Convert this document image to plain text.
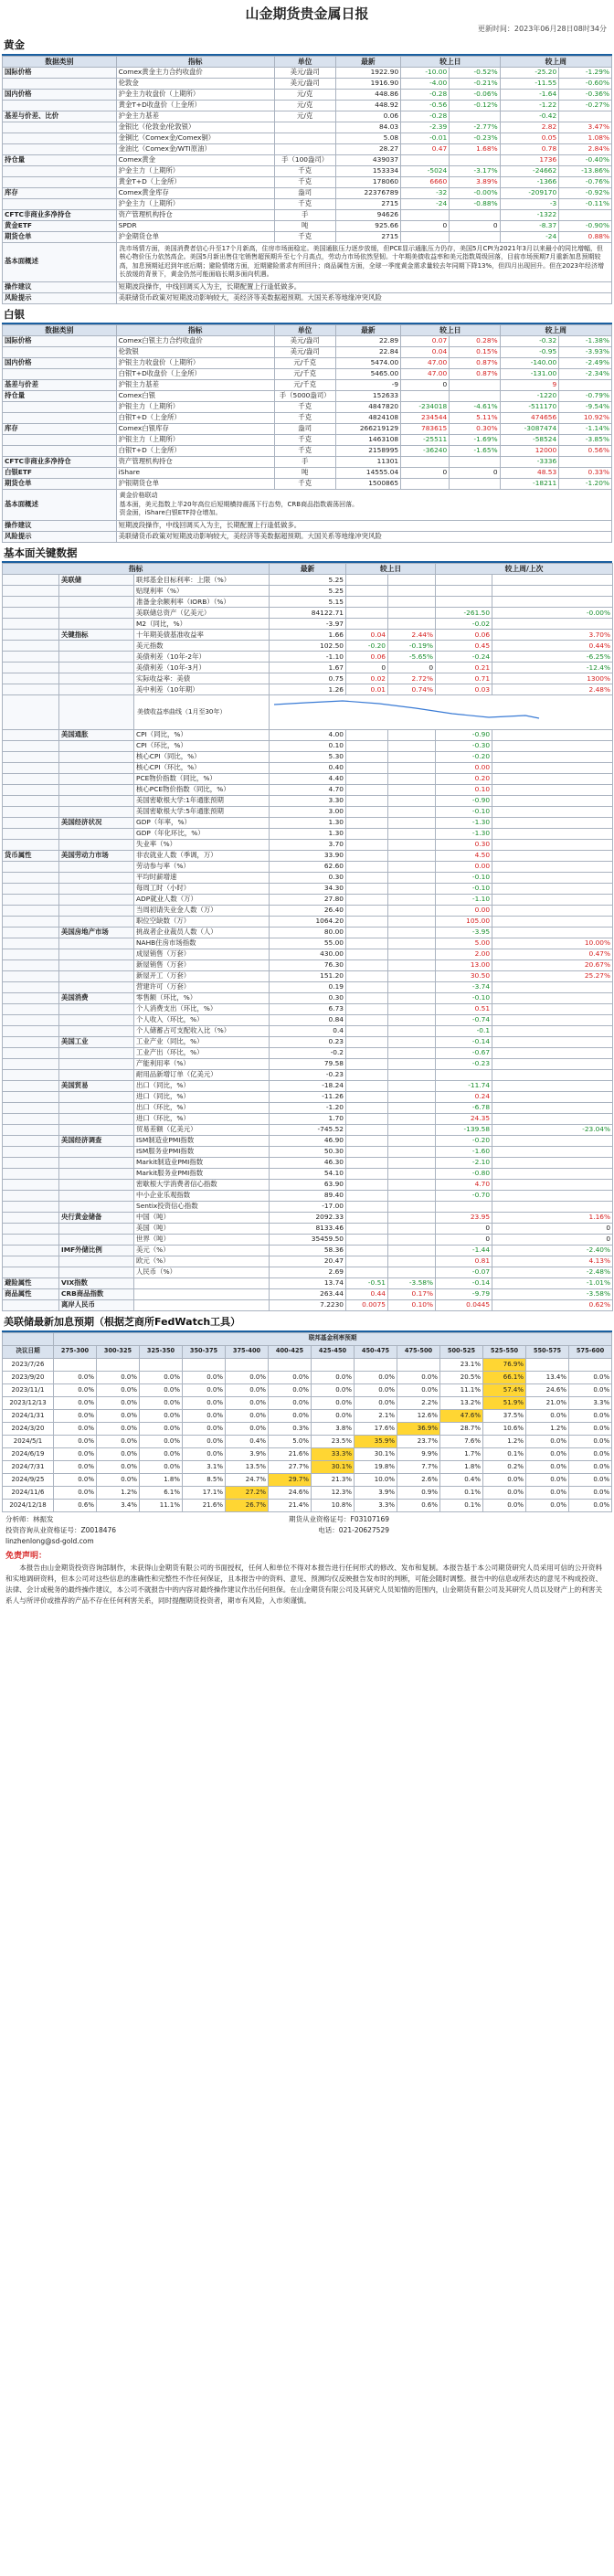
山金期货贵金属日报
更新时间：2023年06月28日08时34分
黄金
数据类别	指标	单位	最新	较上日		较上周	
国际价格	Comex黄金主力合约收盘价	美元/盎司	1922.90	-10.00	-0.52%	-25.20	-1.29%
	伦敦金	美元/盎司	1916.90	-4.00	-0.21%	-11.55	-0.60%
国内价格	沪金主力收盘价（上期所）	元/克	448.86	-0.28	-0.06%	-1.64	-0.36%
	黄金T+D收盘价（上金所）	元/克	448.92	-0.56	-0.12%	-1.22	-0.27%
基差与价差、比价	沪金主力基差	元/克	0.06	-0.28		-0.42	
	金银比（伦敦金/伦敦银）		84.03	-2.39	-2.77%	2.82	3.47%
	金铜比（Comex金/Comex铜）		5.08	-0.01	-0.23%	0.05	1.08%
	金油比（Comex金/WTI原油）		28.27	0.47	1.68%	0.78	2.84%
持仓量	Comex黄金	手（100盎司）	439037			1736	-0.40%
	沪金主力（上期所）	千克	153334	-5024	-3.17%	-24662	-13.86%
	黄金T+D（上金所）	千克	178060	6660	3.89%	-1366	-0.76%
库存	Comex黄金库存	盎司	22376789	-32	-0.00%	-209170	-0.92%
	沪金主力（上期所）	千克	2715	-24	-0.88%	-3	-0.11%
CFTC非商业多净持仓	资产管理机构持仓	手	94626			-1322	
黄金ETF	SPDR	吨	925.66	0	0	-8.37	-0.90%
期货仓单	沪金期货仓单	千克	2715			-24	0.88%
基本面概述	洗市场情方面，美国消费者信心升至17个月新高，住房市场面稳定。美国通胀压力逐步放缓，但PCE显示通胀压力仍存，美国5月CPI为2021年3月以来最小的同比增幅，但核心物价压力依然高企。美国5月新出售住宅销售超预期升至七个月高点，劳动力市场依然坚韧。十年期美债收益率和美元指数周级回落，目前市场预期7月重新加息预期较高，加息预期延迟到年底后期；避险情绪方面，近期避险需求有所回升；商品属性方面，全球一季度黄金需求量较去年同期下降13%，但四月出现回升。但在2023年经济增长放缓的背景下，黄金仍然可能面临长期多面向机遇。						
操作建议	短期波段操作，中线回调买入为主，长期配置上行逢低做多。						
风险提示	美联储货币政策对短期波动影响较大，美经济等美数据超预期。大国关系等地缘冲突风险						
白银
数据类别	指标	单位	最新	较上日		较上周	
国际价格	Comex白银主力合约收盘价	美元/盎司	22.89	0.07	0.28%	-0.32	-1.38%
	伦敦银	美元/盎司	22.84	0.04	0.15%	-0.95	-3.93%
国内价格	沪银主力收盘价（上期所）	元/千克	5474.00	47.00	0.87%	-140.00	-2.49%
	白银T+D收盘价（上金所）	元/千克	5465.00	47.00	0.87%	-131.00	-2.34%
基差与价差	沪银主力基差	元/千克	-9	0		9	
持仓量	Comex白银	手（5000盎司）	152633			-1220	-0.79%
	沪银主力（上期所）	千克	4847820	-234018	-4.61%	-511170	-9.54%
	白银T+D（上金所）	千克	4824108	234544	5.11%	474656	10.92%
库存	Comex白银库存	盎司	266219129	783615	0.30%	-3087474	-1.14%
	沪银主力（上期所）	千克	1463108	-25511	-1.69%	-58524	-3.85%
	白银T+D（上金所）	千克	2158995	-36240	-1.65%	12000	0.56%
CFTC非商业多净持仓	资产管理机构持仓	手	11301			-3336	
白银ETF	iShare	吨	14555.04	0	0	48.53	0.33%
期货仓单	沪银期货仓单	千克	1500865			-18211	-1.20%
基本面概述	黄金价格联动
基本面，美元指数上半20年高位后短期横持震荡下行态势，CRB商品指数震荡回落。
资金面，iShare白银ETF持仓增加。						

操作建议	短期波段操作，中线回调买入为主，长期配置上行逢低做多。						
风险提示	美联储货币政策对短期波动影响较大，美经济等美数据超预期。大国关系等地缘冲突风险						
基本面关键数据
指标			最新	较上日		较上周/上次	
	美联储	联邦基金目标利率：上限（%）	5.25				
		贴现利率（%）	5.25				
		准备金余额利率（IORB）（%）	5.15				
		美联储总资产（亿美元）	84122.71			-261.50	-0.00%
		M2（同比，%）	-3.97			-0.02	
	关键指标	十年期美债基准收益率	1.66	0.04	2.44%	0.06	3.70%
		美元指数	102.50	-0.20	-0.19%	0.45	0.44%
		美债利差（10年-2年）	-1.10	0.06	-5.65%	-0.24	-6.25%
		美债利差（10年-3月）	1.67	0	0	0.21	-12.4%
		实际收益率：美债	0.75	0.02	2.72%	0.71	1300%
		美中利差（10年期）	1.26	0.01	0.74%	0.03	2.48%
		美债收益率曲线（1月至30年）	
	美国通胀	CPI（同比，%）	4.00			-0.90	
		CPI（环比，%）	0.10			-0.30	
		核心CPI（同比，%）	5.30			-0.20	
		核心CPI（环比，%）	0.40			0.00	
		PCE物价指数（同比，%）	4.40			0.20	
		核心PCE物价指数（同比，%）	4.70			0.10	
		美国密歇根大学:1年通胀预期	3.30			-0.90	
		美国密歇根大学:5年通胀预期	3.00			-0.10	
	美国经济状况	GDP（年率，%）	1.30			-1.30	
		GDP（年化环比，%）	1.30			-1.30	
		失业率（%）	3.70			0.30	
货币属性	美国劳动力市场	非农就业人数（季调，万）	33.90			4.50	
		劳动参与率（%）	62.60			0.00	
		平均时薪增速	0.30			-0.10	
		每周工时（小时）	34.30			-0.10	
		ADP就业人数（万）	27.80			-1.10	
		当周初请失业金人数（万）	26.40			0.00	
		职位空缺数（万）	1064.20			105.00	
	美国房地产市场	挑战者企业裁员人数（人）	80.00			-3.95	
		NAHB住房市场指数	55.00			5.00	10.00%
		成屋销售（万套）	430.00			2.00	0.47%
		新屋销售（万套）	76.30			13.00	20.67%
		新屋开工（万套）	151.20			30.50	25.27%
		营建许可（万套）	0.19			-3.74	
	美国消费	零售额（环比，%）	0.30			-0.10	
		个人消费支出（环比，%）	6.73			0.51	
		个人收入（环比，%）	0.84			-0.74	
		个人储蓄占可支配收入比（%）	0.4			-0.1	
	美国工业	工业产业（同比，%）	0.23			-0.14	
		工业产出（环比，%）	-0.2			-0.67	
		产能利用率（%）	79.58			-0.23	
		耐用品新增订单（亿美元）	-0.23				
	美国贸易	出口（同比，%）	-18.24			-11.74	
		进口（同比，%）	-11.26			0.24	
		出口（环比，%）	-1.20			-6.78	
		进口（环比，%）	1.70			24.35	
		贸易差额（亿美元）	-745.52			-139.58	-23.04%
	美国经济调查	ISM制造业PMI指数	46.90			-0.20	
		ISM服务业PMI指数	50.30			-1.60	
		Markit制造业PMI指数	46.30			-2.10	
		Markit服务业PMI指数	54.10			-0.80	
		密歇根大学消费者信心指数	63.90			4.70	
		中小企业乐观指数	89.40			-0.70	
		Sentix投资信心指数	-17.00				
	央行黄金储备	中国（吨）	2092.33			23.95	1.16%
		美国（吨）	8133.46			0	0
		世界（吨）	35459.50			0	0
	IMF外储比例	美元（%）	58.36			-1.44	-2.40%
		欧元（%）	20.47			0.81	4.13%
		人民币（%）	2.69			-0.07	-2.48%
避险属性	VIX指数		13.74	-0.51	-3.58%	-0.14	-1.01%
商品属性	CRB商品指数		263.44	0.44	0.17%	-9.79	-3.58%
	离岸人民币		7.2230	0.0075	0.10%	0.0445	0.62%
美联储最新加息预期（根据芝商所FedWatch工具）
	联邦基金利率预期												
决议日期	275-300	300-325	325-350	350-375	375-400	400-425	425-450	450-475	475-500	500-525	525-550	550-575	575-600
2023/7/26										23.1%	76.9%		
2023/9/20	0.0%	0.0%	0.0%	0.0%	0.0%	0.0%	0.0%	0.0%	0.0%	20.5%	66.1%	13.4%	0.0%
2023/11/1	0.0%	0.0%	0.0%	0.0%	0.0%	0.0%	0.0%	0.0%	0.0%	11.1%	57.4%	24.6%	0.0%
2023/12/13	0.0%	0.0%	0.0%	0.0%	0.0%	0.0%	0.0%	0.0%	2.2%	13.2%	51.9%	21.0%	3.3%
2024/1/31	0.0%	0.0%	0.0%	0.0%	0.0%	0.0%	0.0%	2.1%	12.6%	47.6%	37.5%	0.0%	0.0%
2024/3/20	0.0%	0.0%	0.0%	0.0%	0.0%	0.3%	3.8%	17.6%	36.9%	28.7%	10.6%	1.2%	0.0%
2024/5/1	0.0%	0.0%	0.0%	0.0%	0.4%	5.0%	23.5%	35.9%	23.7%	7.6%	1.2%	0.0%	0.0%
2024/6/19	0.0%	0.0%	0.0%	0.0%	3.9%	21.6%	33.3%	30.1%	9.9%	1.7%	0.1%	0.0%	0.0%
2024/7/31	0.0%	0.0%	0.0%	3.1%	13.5%	27.7%	30.1%	19.8%	7.7%	1.8%	0.2%	0.0%	0.0%
2024/9/25	0.0%	0.0%	1.8%	8.5%	24.7%	29.7%	21.3%	10.0%	2.6%	0.4%	0.0%	0.0%	0.0%
2024/11/6	0.0%	1.2%	6.1%	17.1%	27.2%	24.6%	12.3%	3.9%	0.9%	0.1%	0.0%	0.0%	0.0%
2024/12/18	0.6%	3.4%	11.1%	21.6%	26.7%	21.4%	10.8%	3.3%	0.6%	0.1%	0.0%	0.0%	0.0%
分析师：林振发	期货从业资格证号：F03107169
投资咨询从业资格证号：Z0018476	电话：021-20627529
linzhenlong@sd-gold.com
免责声明：
本报告由山金期货投资咨询部制作，未获得山金期货有限公司的书面授权，任何人和单位不得对本报告进行任何形式的修改、发布和复制。本报告基于本公司期货研究人员采用可信的公开资料和实地调研资料，但本公司对这些信息的准确性和完整性不作任何保证，且本报告中的资料、意见、预测均仅反映报告发布时的判断，可能会随时调整。报告中的信息或所表达的意见不构成投资、法律、会计或税务的最终操作建议，本公司不就报告中的内容对最终操作建议作出任何担保。在山金期货有限公司及其研究人员知情的范围内，山金期货有限公司及其研究人员以及财产上的利害关系人与所评价或推荐的产品不存在任何利害关系，同时提醒期货投资者，期市有风险，入市须谨慎。
